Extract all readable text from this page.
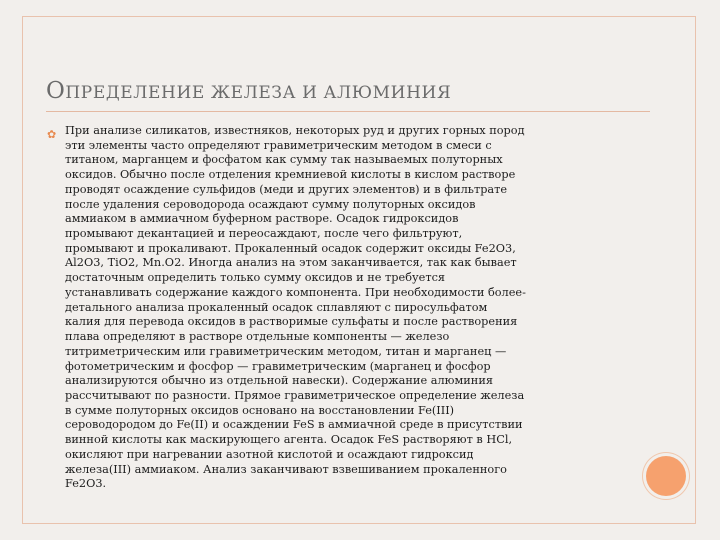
ОПРЕДЕЛЕНИЕ ЖЕЛЕЗА И АЛЮМИНИЯ
✿ При анализе силикатов, известняков, некоторых руд и других горных пород
эти элементы часто определяют гравиметрическим методом в смеси с
титаном, марганцем и фосфатом как сумму так называемых полуторных
оксидов. Обычно после отделения кремниевой кислоты в кислом растворе
проводят осаждение сульфидов (меди и других элементов) и в фильтрате
после удаления сероводорода осаждают сумму полуторных оксидов
аммиаком в аммиачном буферном растворе. Осадок гидроксидов
промывают декантацией и переосаждают, после чего фильтруют,
промывают и прокаливают. Прокаленный осадок содержит оксиды Fe2O3,
Al2O3, TiO2, Mn.O2. Иногда анализ на этом заканчивается, так как бывает
достаточным определить только сумму оксидов и не требуется
устанавливать содержание каждого компонента. При необходимости более-
детального анализа прокаленный осадок сплавляют с пиросульфатом
калия для перевода оксидов в растворимые сульфаты и после растворения
плава определяют в растворе отдельные компоненты — железо
титриметрическим или гравиметрическим методом, титан и марганец —
фотометрическим и фосфор — гравиметрическим (марганец и фосфор
анализируются обычно из отдельной навески). Содержание алюминия
рассчитывают по разности. Прямое гравиметрическое определение железа
в сумме полуторных оксидов основано на восстановлении Fe(III)
сероводородом до Fe(II) и осаждении FeS в аммиачной среде в присутствии
винной кислоты как маскирующего агента. Осадок FeS растворяют в HCl,
окисляют при нагревании азотной кислотой и осаждают гидроксид
железа(III) аммиаком. Анализ заканчивают взвешиванием прокаленного
Fe2O3.
